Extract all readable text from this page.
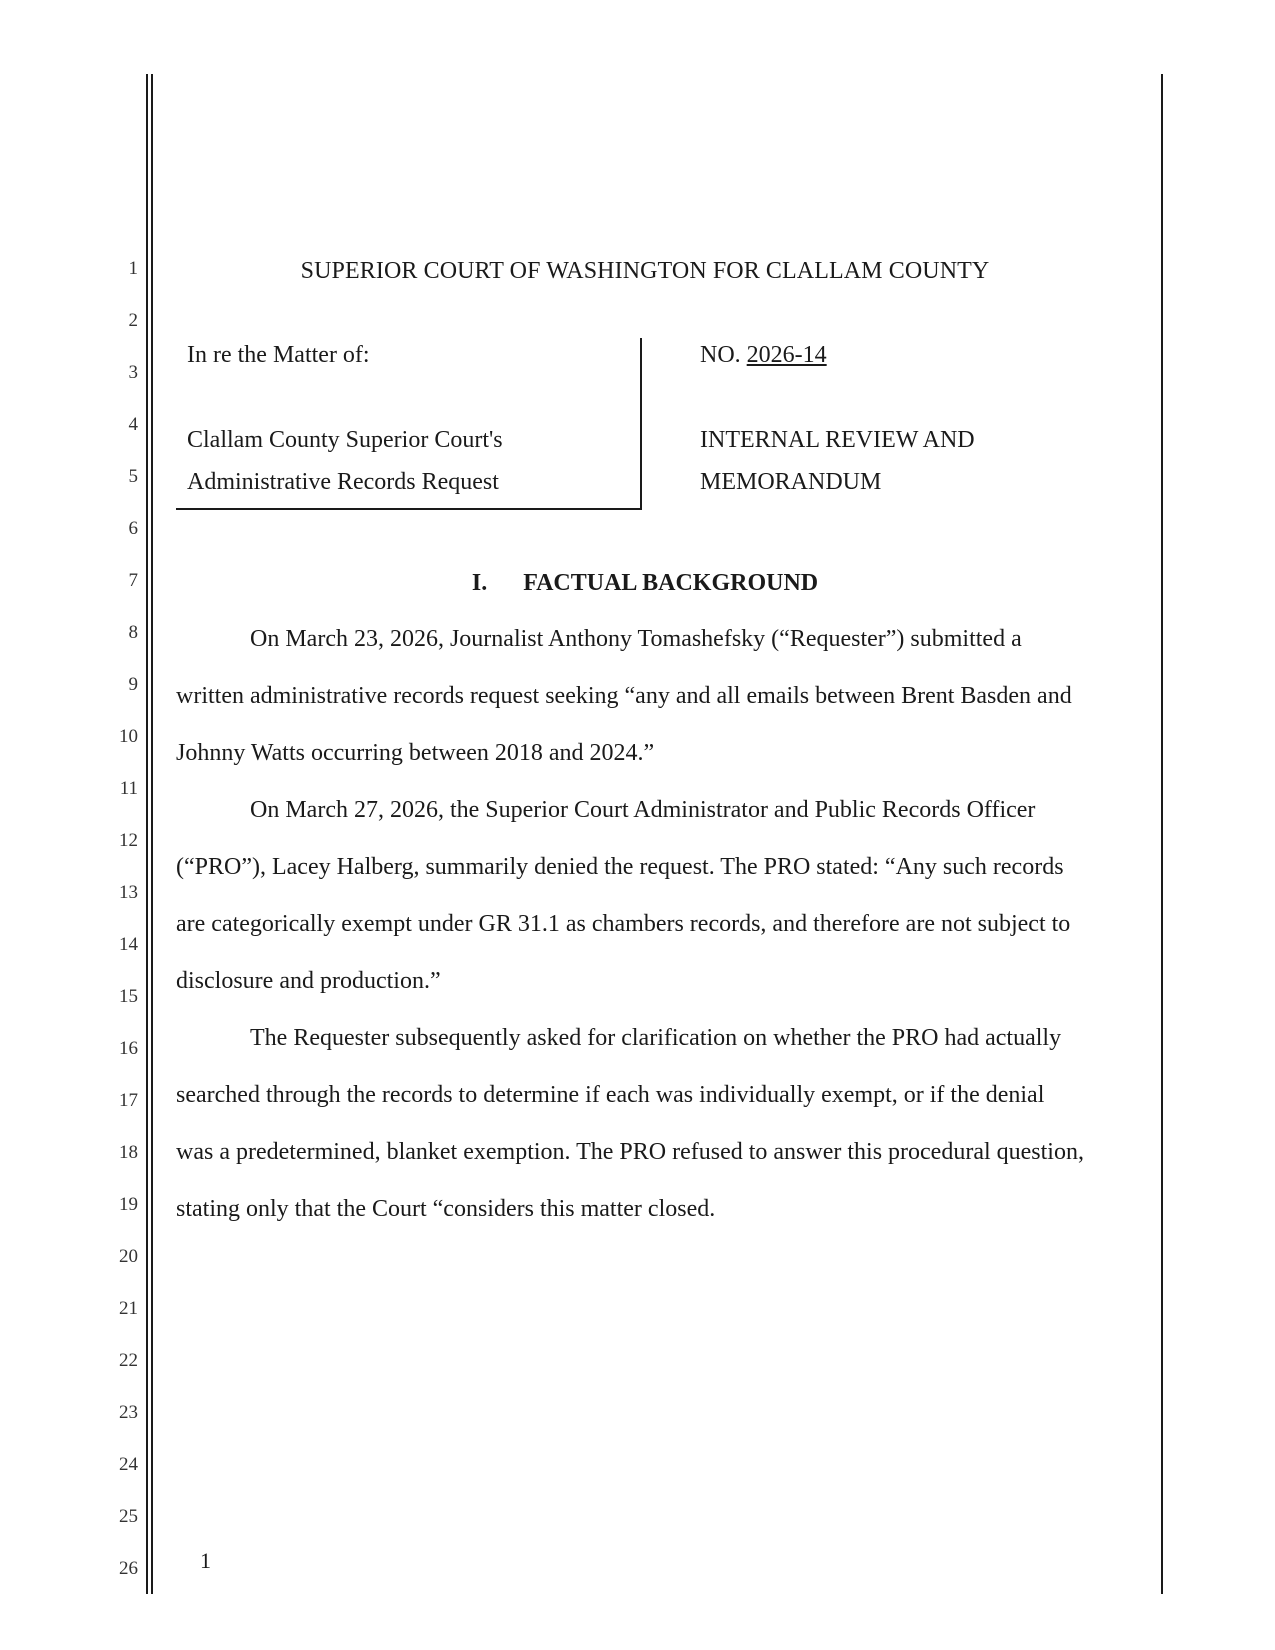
1
2
3
4
5
6
7
8
9
10
11
12
13
14
15
16
17
18
19
20
21
22
23
24
25
26
SUPERIOR COURT OF WASHINGTON FOR CLALLAM COUNTY
In re the Matter of:
Clallam County Superior Court's
Administrative Records Request
NO. 2026-14
INTERNAL REVIEW AND
MEMORANDUM
I. FACTUAL BACKGROUND
On March 23, 2026, Journalist Anthony Tomashefsky (“Requester”) submitted a
written administrative records request seeking “any and all emails between Brent Basden and
Johnny Watts occurring between 2018 and 2024.”
On March 27, 2026, the Superior Court Administrator and Public Records Officer
(“PRO”), Lacey Halberg, summarily denied the request. The PRO stated: “Any such records
are categorically exempt under GR 31.1 as chambers records, and therefore are not subject to
disclosure and production.”
The Requester subsequently asked for clarification on whether the PRO had actually
searched through the records to determine if each was individually exempt, or if the denial
was a predetermined, blanket exemption. The PRO refused to answer this procedural question,
stating only that the Court “considers this matter closed.
1
